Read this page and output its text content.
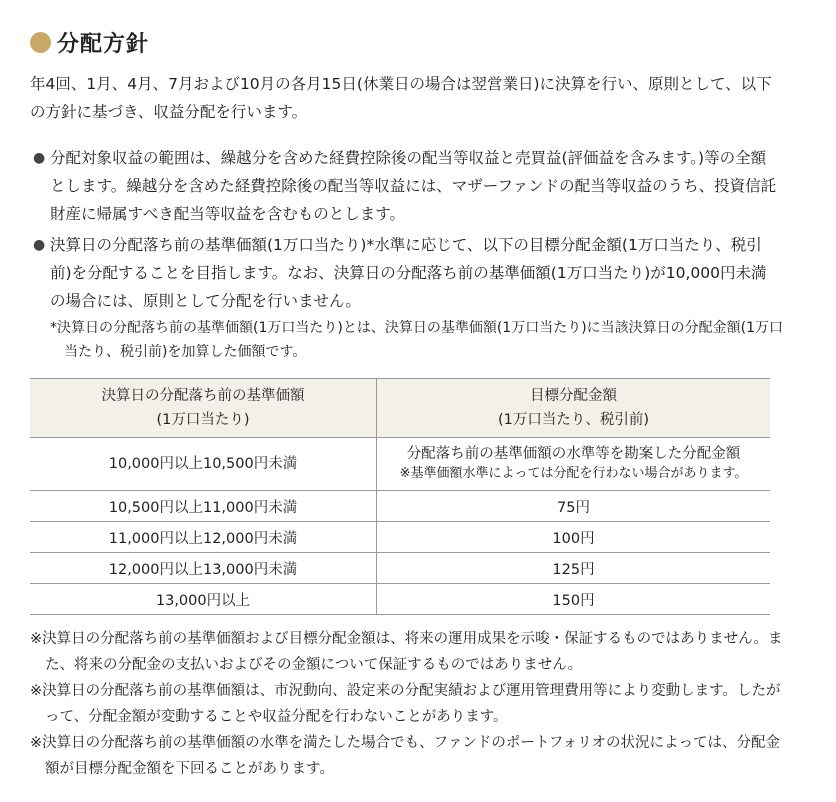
分配方針

年4回、1月、4月、7月および10月の各月15日(休業日の場合は翌営業日)に決算を行い、原則として、以下の方針に基づき、収益分配を行います。

● 分配対象収益の範囲は、繰越分を含めた経費控除後の配当等収益と売買益(評価益を含みます。)等の全額とします。繰越分を含めた経費控除後の配当等収益には、マザーファンドの配当等収益のうち、投資信託財産に帰属すべき配当等収益を含むものとします。
● 決算日の分配落ち前の基準価額(1万口当たり)*水準に応じて、以下の目標分配金額(1万口当たり、税引前)を分配することを目指します。なお、決算日の分配落ち前の基準価額(1万口当たり)が10,000円未満の場合には、原則として分配を行いません。

*決算日の分配落ち前の基準価額(1万口当たり)とは、決算日の基準価額(1万口当たり)に当該決算日の分配金額(1万口当たり、税引前)を加算した価額です。

決算日の分配落ち前の基準価額
(1万口当たり)	目標分配金額
(1万口当たり、税引前)
10,000円以上10,500円未満	分配落ち前の基準価額の水準等を勘案した分配金額
※基準価額水準によっては分配を行わない場合があります。

10,500円以上11,000円未満	75円
11,000円以上12,000円未満	100円
12,000円以上13,000円未満	125円
13,000円以上	150円
※決算日の分配落ち前の基準価額および目標分配金額は、将来の運用成果を示唆・保証するものではありません。また、将来の分配金の支払いおよびその金額について保証するものではありません。
※決算日の分配落ち前の基準価額は、市況動向、設定来の分配実績および運用管理費用等により変動します。したがって、分配金額が変動することや収益分配を行わないことがあります。
※決算日の分配落ち前の基準価額の水準を満たした場合でも、ファンドのポートフォリオの状況によっては、分配金額が目標分配金額を下回ることがあります。
